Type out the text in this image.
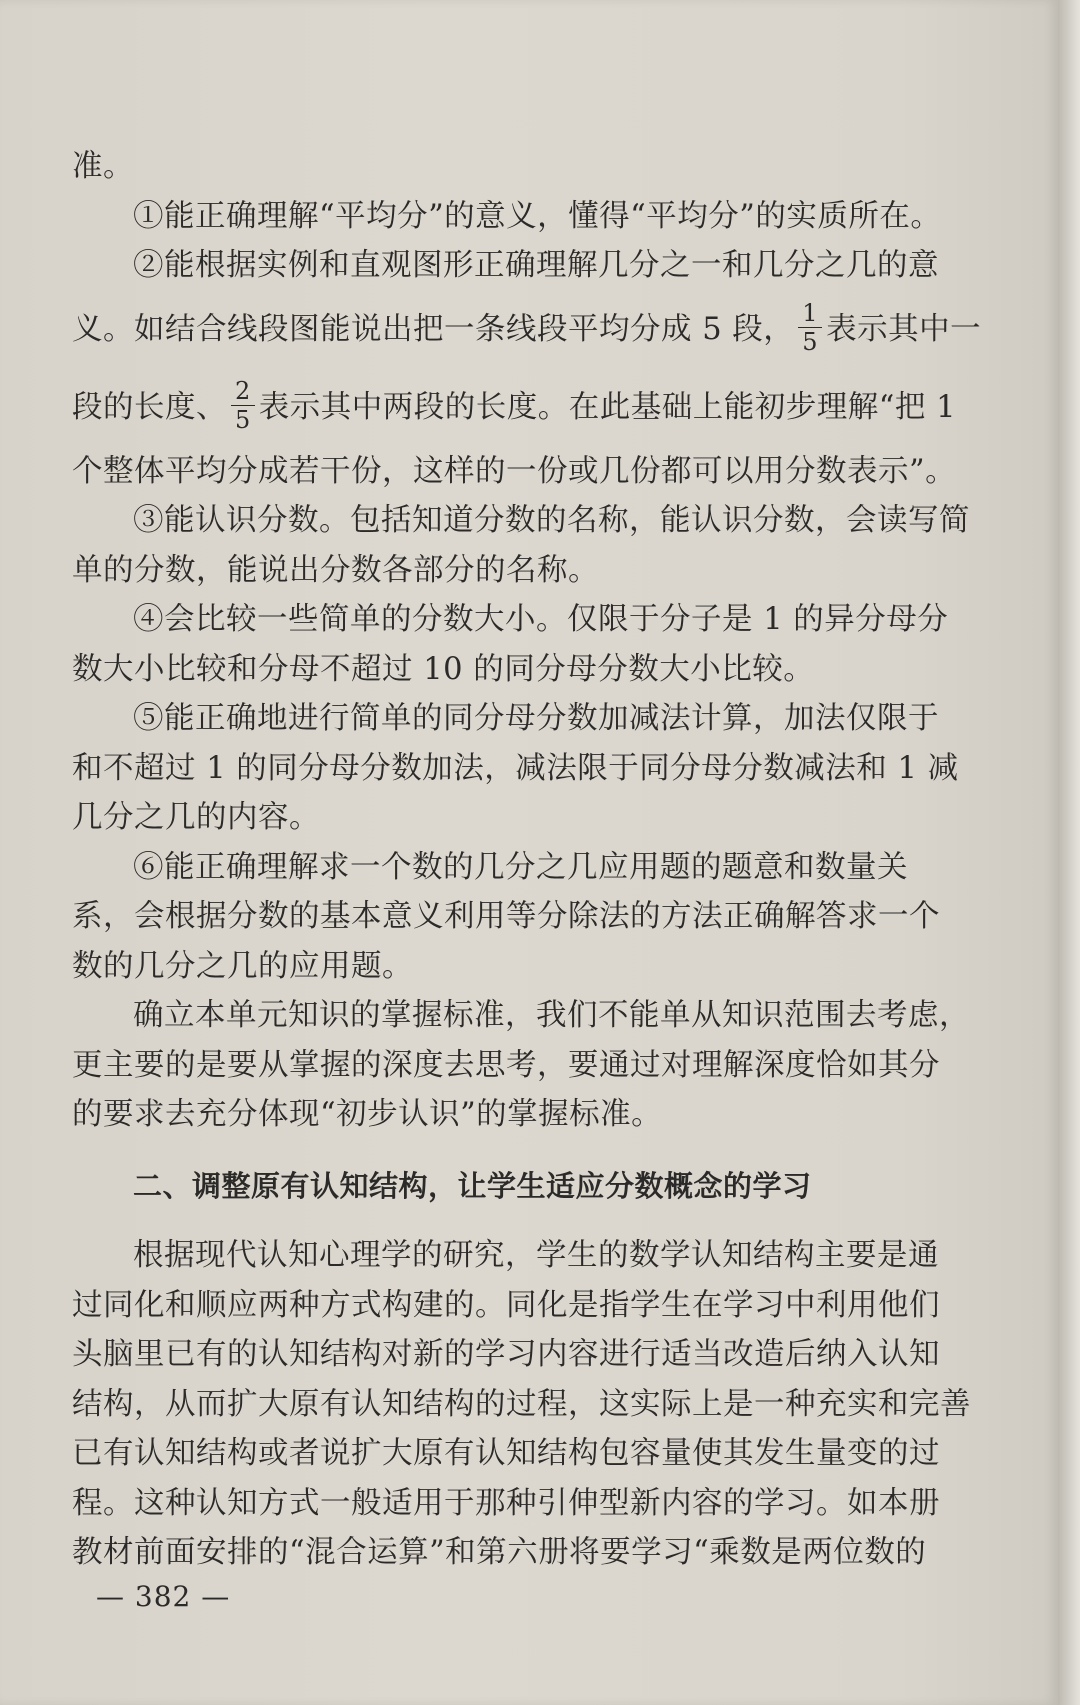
准。

①能正确理解“平均分”的意义，懂得“平均分”的实质所在。

②能根据实例和直观图形正确理解几分之一和几分之几的意

义。如结合线段图能说出把一条线段平均分成 5 段， $\frac{1}{5}$ 表示其中一

段的长度、 $\frac{2}{5}$ 表示其中两段的长度。在此基础上能初步理解“把 1

个整体平均分成若干份，这样的一份或几份都可以用分数表示”。

③能认识分数。包括知道分数的名称，能认识分数，会读写简

单的分数，能说出分数各部分的名称。

④会比较一些简单的分数大小。仅限于分子是 1 的异分母分

数大小比较和分母不超过 10 的同分母分数大小比较。

⑤能正确地进行简单的同分母分数加减法计算，加法仅限于

和不超过 1 的同分母分数加法，减法限于同分母分数减法和 1 减

几分之几的内容。

⑥能正确理解求一个数的几分之几应用题的题意和数量关

系，会根据分数的基本意义利用等分除法的方法正确解答求一个

数的几分之几的应用题。

确立本单元知识的掌握标准，我们不能单从知识范围去考虑，

更主要的是要从掌握的深度去思考，要通过对理解深度恰如其分

的要求去充分体现“初步认识”的掌握标准。

二、调整原有认知结构，让学生适应分数概念的学习

根据现代认知心理学的研究，学生的数学认知结构主要是通

过同化和顺应两种方式构建的。同化是指学生在学习中利用他们

头脑里已有的认知结构对新的学习内容进行适当改造后纳入认知

结构，从而扩大原有认知结构的过程，这实际上是一种充实和完善

已有认知结构或者说扩大原有认知结构包容量使其发生量变的过

程。这种认知方式一般适用于那种引伸型新内容的学习。如本册

教材前面安排的“混合运算”和第六册将要学习“乘数是两位数的

— 382 —
